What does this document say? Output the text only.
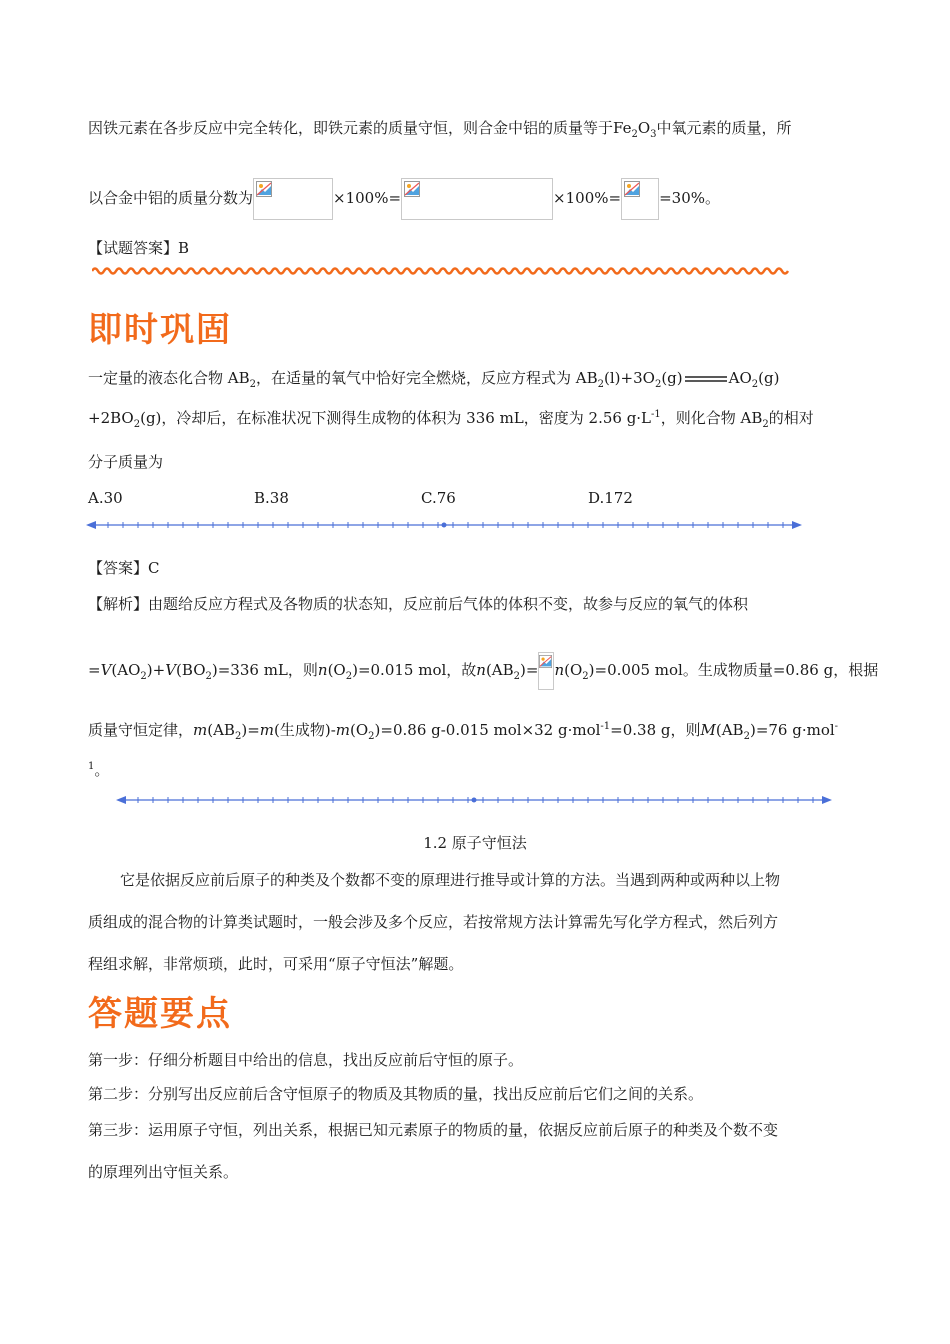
因铁元素在各步反应中完全转化，即铁元素的质量守恒，则合金中铝的质量等于$Fe_2O_3$中氧元素的质量，所
以合金中铝的质量分数为	×100%=	×100%=	=30%。
【试题答案】B
即时巩固
一定量的液态化合物 $AB_2$，在适量的氧气中恰好完全燃烧，反应方程式为 $AB_2(l)+3O_2(g)$	$AO_2(g)$
$+2BO_2(g)$，冷却后，在标准状况下测得生成物的体积为 336 mL，密度为 2.56 $g\cdot L^{-1}$，则化合物 $AB_2$的相对
分子质量为
A.30	B.38	C.76	D.172
【答案】C
【解析】由题给反应方程式及各物质的状态知，反应前后气体的体积不变，故参与反应的氧气的体积
$=V(AO_2)+V(BO_2)=336$ mL，则$n(O_2)=0.015$ mol，故$n(AB_2)= n(O_2)=0.005$ mol。生成物质量=0.86 g，根据
质量守恒定律，$m(AB_2)=m$(生成物)$-m(O_2)=0.86$ g-0.015 mol×32 g·mol$^{-1}$=0.38 g，则$M(AB_2)=76$ g·mol-
$^1$。
1.2 原子守恒法
它是依据反应前后原子的种类及个数都不变的原理进行推导或计算的方法。当遇到两种或两种以上物
质组成的混合物的计算类试题时，一般会涉及多个反应，若按常规方法计算需先写化学方程式，然后列方
程组求解，非常烦琐，此时，可采用“原子守恒法”解题。
答题要点
第一步：仔细分析题目中给出的信息，找出反应前后守恒的原子。
第二步：分别写出反应前后含守恒原子的物质及其物质的量，找出反应前后它们之间的关系。
第三步：运用原子守恒，列出关系，根据已知元素原子的物质的量，依据反应前后原子的种类及个数不变
的原理列出守恒关系。
